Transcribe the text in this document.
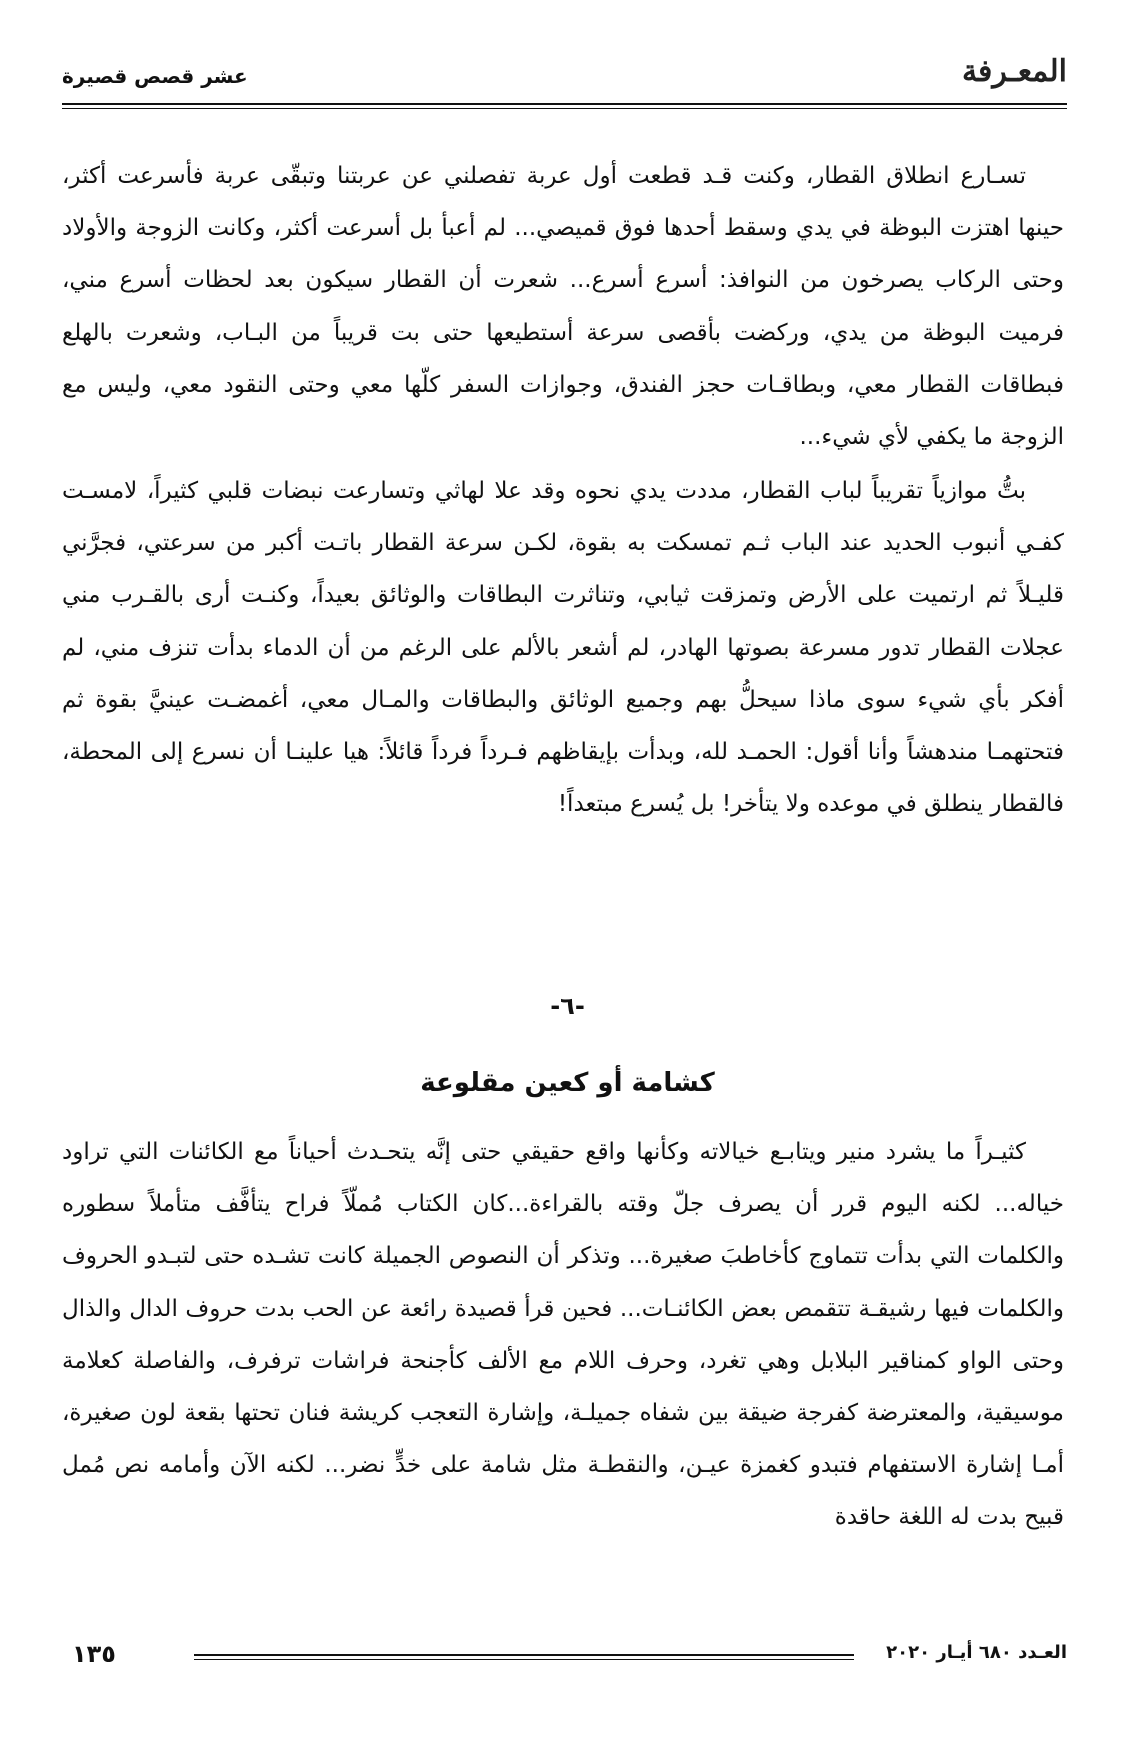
عشر قصص قصيرة	المعـرفة

تسـارع انطلاق القطار، وكنت قـد قطعت أول عربة تفصلني عن عربتنا وتبقّى عربة فأسرعت أكثر، حينها اهتزت البوظة في يدي وسقط أحدها فوق قميصي... لم أعبأ بل أسرعت أكثر، وكانت الزوجة والأولاد وحتى الركاب يصرخون من النوافذ: أسرع أسرع... شعرت أن القطار سيكون بعد لحظات أسرع مني، فرميت البوظة من يدي، وركضت بأقصى سرعة أستطيعها حتى بت قريباً من البـاب، وشعرت بالهلع فبطاقات القطار معي، وبطاقـات حجز الفندق، وجوازات السفر كلّها معي وحتى النقود معي، وليس مع الزوجة ما يكفي لأي شيء...

بتُّ موازياً تقريباً لباب القطار، مددت يدي نحوه وقد علا لهاثي وتسارعت نبضات قلبي كثيراً، لامسـت كفـي أنبوب الحديد عند الباب ثـم تمسكت به بقوة، لكـن سرعة القطار باتـت أكبر من سرعتي، فجرَّني قليـلاً ثم ارتميت على الأرض وتمزقت ثيابي، وتناثرت البطاقات والوثائق بعيداً، وكنـت أرى بالقـرب مني عجلات القطار تدور مسرعة بصوتها الهادر، لم أشعر بالألم على الرغم من أن الدماء بدأت تنزف مني، لم أفكر بأي شيء سوى ماذا سيحلُّ بهم وجميع الوثائق والبطاقات والمـال معي، أغمضـت عينيَّ بقوة ثم فتحتهمـا مندهشاً وأنا أقول: الحمـد لله، وبدأت بإيقاظهم فـرداً فرداً قائلاً: هيا علينـا أن نسرع إلى المحطة، فالقطار ينطلق في موعده ولا يتأخر! بل يُسرع مبتعداً!

-٦-
كشامة أو كعين مقلوعة

كثيـراً ما يشرد منير ويتابـع خيالاته وكأنها واقع حقيقي حتى إنَّه يتحـدث أحياناً مع الكائنات التي تراود خياله... لكنه اليوم قرر أن يصرف جلّ وقته بالقراءة...كان الكتاب مُملّاً فراح يتأفَّف متأملاً سطوره والكلمات التي بدأت تتماوج كأخاطبَ صغيرة... وتذكر أن النصوص الجميلة كانت تشـده حتى لتبـدو الحروف والكلمات فيها رشيقـة تتقمص بعض الكائنـات... فحين قرأ قصيدة رائعة عن الحب بدت حروف الدال والذال وحتى الواو كمناقير البلابل وهي تغرد، وحرف اللام مع الألف كأجنحة فراشات ترفرف، والفاصلة كعلامة موسيقية، والمعترضة كفرجة ضيقة بين شفاه جميلـة، وإشارة التعجب كريشة فنان تحتها بقعة لون صغيرة، أمـا إشارة الاستفهام فتبدو كغمزة عيـن، والنقطـة مثل شامة على خدٍّ نضر... لكنه الآن وأمامه نص مُمل قبيح بدت له اللغة حاقدة

١٣٥	العـدد ٦٨٠ أيـار ٢٠٢٠
